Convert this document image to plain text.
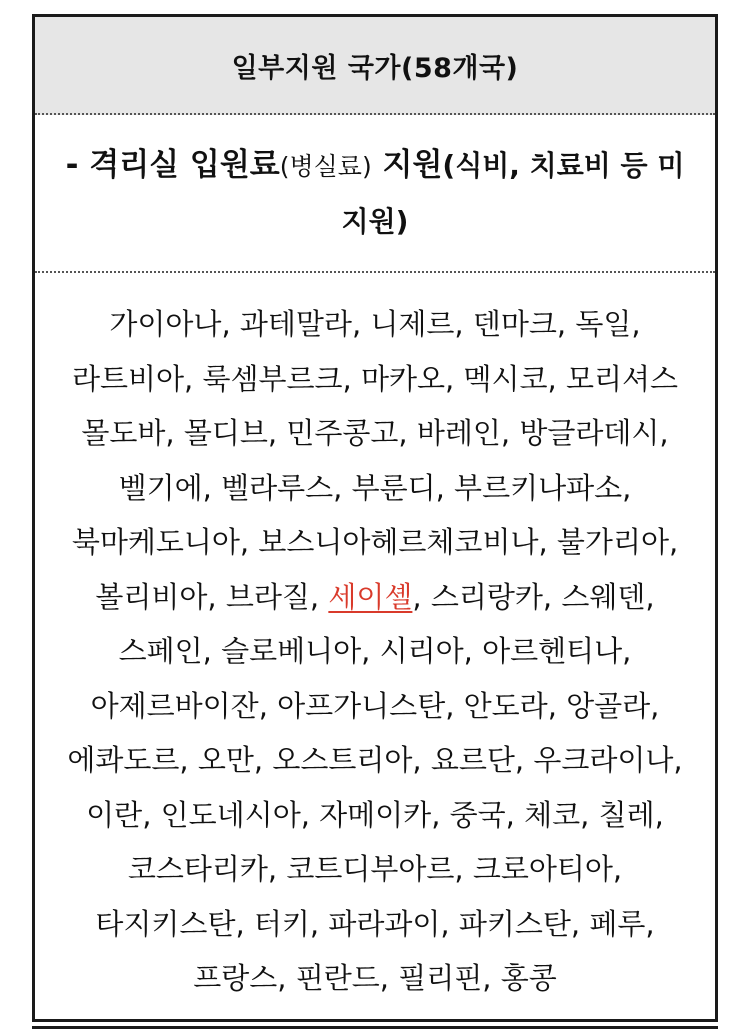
일부지원 국가(58개국)
- 격리실 입원료(병실료) 지원(식비, 치료비 등 미지원)
가이아나, 과테말라, 니제르, 덴마크, 독일, 라트비아, 룩셈부르크, 마카오, 멕시코, 모리셔스 몰도바, 몰디브, 민주콩고, 바레인, 방글라데시, 벨기에, 벨라루스, 부룬디, 부르키나파소, 북마케도니아, 보스니아헤르체코비나, 불가리아, 볼리비아, 브라질, 세이셸, 스리랑카, 스웨덴, 스페인, 슬로베니아, 시리아, 아르헨티나, 아제르바이잔, 아프가니스탄, 안도라, 앙골라, 에콰도르, 오만, 오스트리아, 요르단, 우크라이나, 이란, 인도네시아, 자메이카, 중국, 체코, 칠레, 코스타리카, 코트디부아르, 크로아티아, 타지키스탄, 터키, 파라과이, 파키스탄, 페루, 프랑스, 핀란드, 필리핀, 홍콩
